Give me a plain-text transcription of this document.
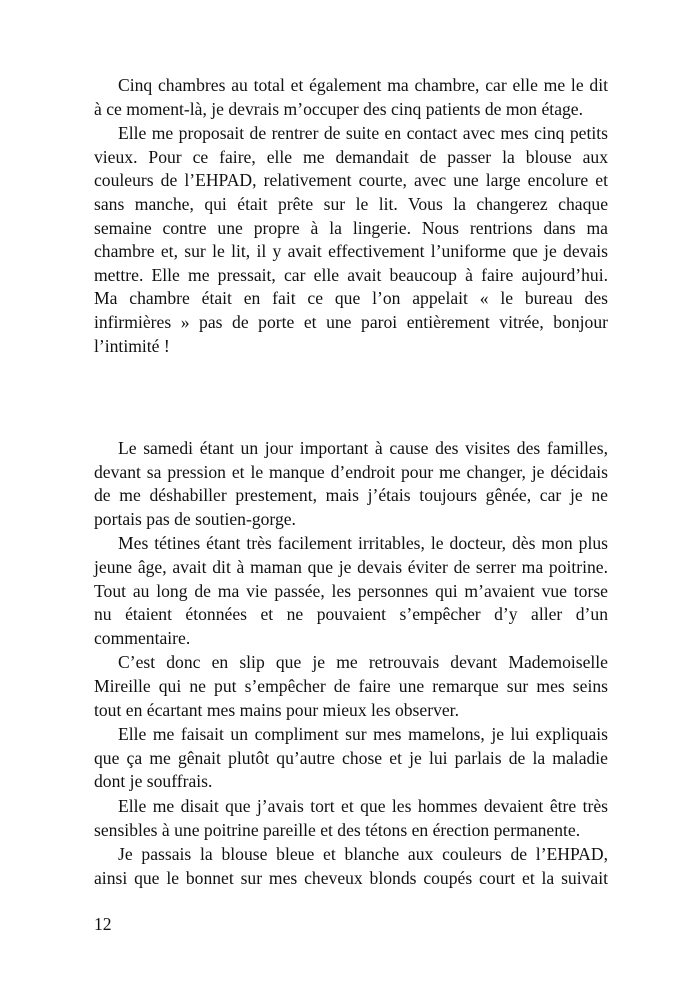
Cinq chambres au total et également ma chambre, car elle me le dit
à ce moment-là, je devrais m’occuper des cinq patients de mon étage.
Elle me proposait de rentrer de suite en contact avec mes cinq petits
vieux. Pour ce faire, elle me demandait de passer la blouse aux
couleurs de l’EHPAD, relativement courte, avec une large encolure et
sans manche, qui était prête sur le lit. Vous la changerez chaque
semaine contre une propre à la lingerie. Nous rentrions dans ma
chambre et, sur le lit, il y avait effectivement l’uniforme que je devais
mettre. Elle me pressait, car elle avait beaucoup à faire aujourd’hui.
Ma chambre était en fait ce que l’on appelait « le bureau des
infirmières » pas de porte et une paroi entièrement vitrée, bonjour
l’intimité !
Le samedi étant un jour important à cause des visites des familles,
devant sa pression et le manque d’endroit pour me changer, je décidais
de me déshabiller prestement, mais j’étais toujours gênée, car je ne
portais pas de soutien-gorge.
Mes tétines étant très facilement irritables, le docteur, dès mon plus
jeune âge, avait dit à maman que je devais éviter de serrer ma poitrine.
Tout au long de ma vie passée, les personnes qui m’avaient vue torse
nu étaient étonnées et ne pouvaient s’empêcher d’y aller d’un
commentaire.
C’est donc en slip que je me retrouvais devant Mademoiselle
Mireille qui ne put s’empêcher de faire une remarque sur mes seins
tout en écartant mes mains pour mieux les observer.
Elle me faisait un compliment sur mes mamelons, je lui expliquais
que ça me gênait plutôt qu’autre chose et je lui parlais de la maladie
dont je souffrais.
Elle me disait que j’avais tort et que les hommes devaient être très
sensibles à une poitrine pareille et des tétons en érection permanente.
Je passais la blouse bleue et blanche aux couleurs de l’EHPAD,
ainsi que le bonnet sur mes cheveux blonds coupés court et la suivait
12
